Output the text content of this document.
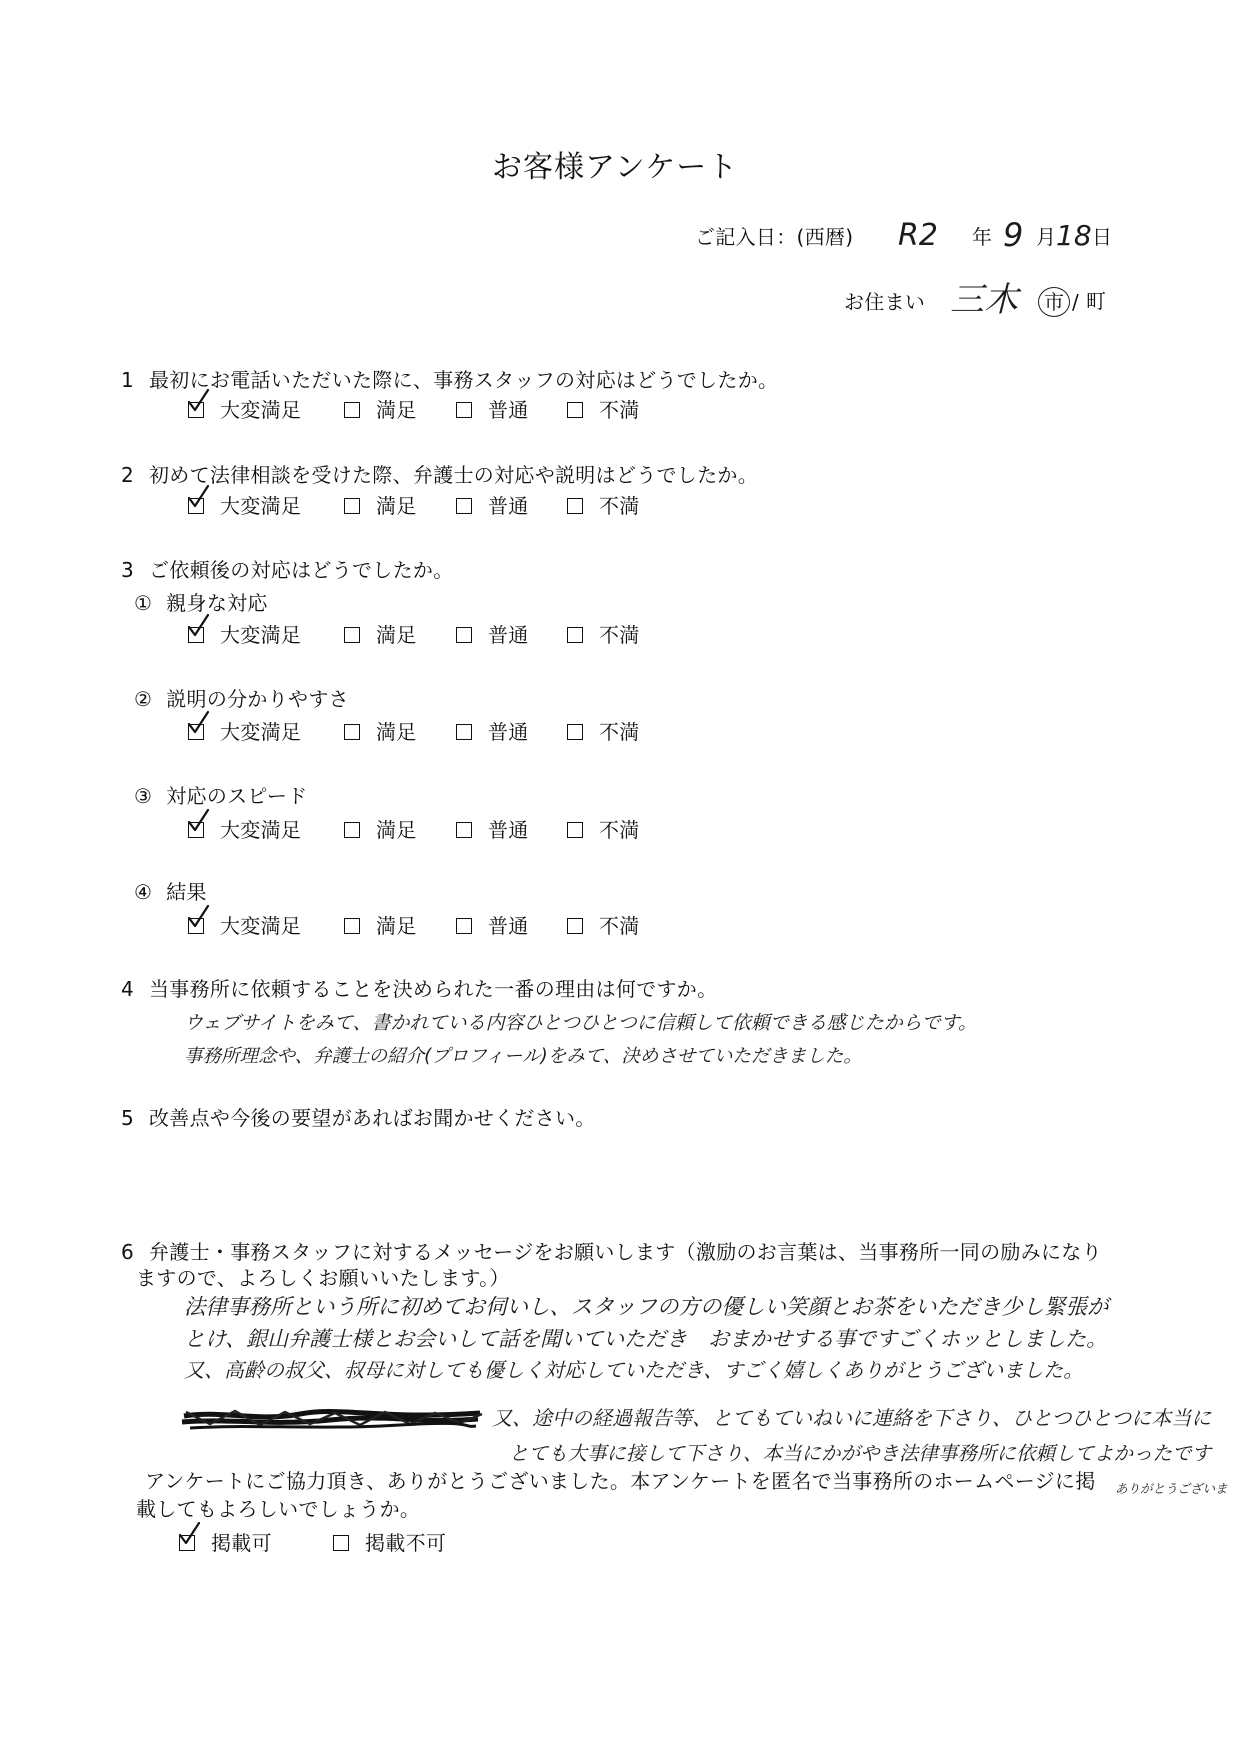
お客様アンケート
ご記入日：(西暦) R2 年 9 月 18 日
お住まい 三木	市 / 町
1 最初にお電話いただいた際に、事務スタッフの対応はどうでしたか。
大変満足	満足	普通	不満
2 初めて法律相談を受けた際、弁護士の対応や説明はどうでしたか。
大変満足	満足	普通	不満
3 ご依頼後の対応はどうでしたか。
① 親身な対応
大変満足	満足	普通	不満
② 説明の分かりやすさ
大変満足	満足	普通	不満
③ 対応のスピード
大変満足	満足	普通	不満
④ 結果
大変満足	満足	普通	不満
4 当事務所に依頼することを決められた一番の理由は何ですか。
ウェブサイトをみて、書かれている内容ひとつひとつに信頼して依頼できる感じたからです。
事務所理念や、弁護士の紹介(プロフィール)をみて、決めさせていただきました。
5 改善点や今後の要望があればお聞かせください。
6 弁護士・事務スタッフに対するメッセージをお願いします（激励のお言葉は、当事務所一同の励みになり
ますので、よろしくお願いいたします。）
法律事務所という所に初めてお伺いし、スタッフの方の優しい笑顔とお茶をいただき少し緊張が
とけ、銀山弁護士様とお会いして話を聞いていただき　おまかせする事ですごくホッとしました。
又、高齢の叔父、叔母に対しても優しく対応していただき、すごく嬉しくありがとうございました。
又、途中の経過報告等、とてもていねいに連絡を下さり、ひとつひとつに本当に
とても大事に接して下さり、本当にかがやき法律事務所に依頼してよかったです
ありがとうございま
アンケートにご協力頂き、ありがとうございました。本アンケートを匿名で当事務所のホームページに掲
載してもよろしいでしょうか。
掲載可	掲載不可
